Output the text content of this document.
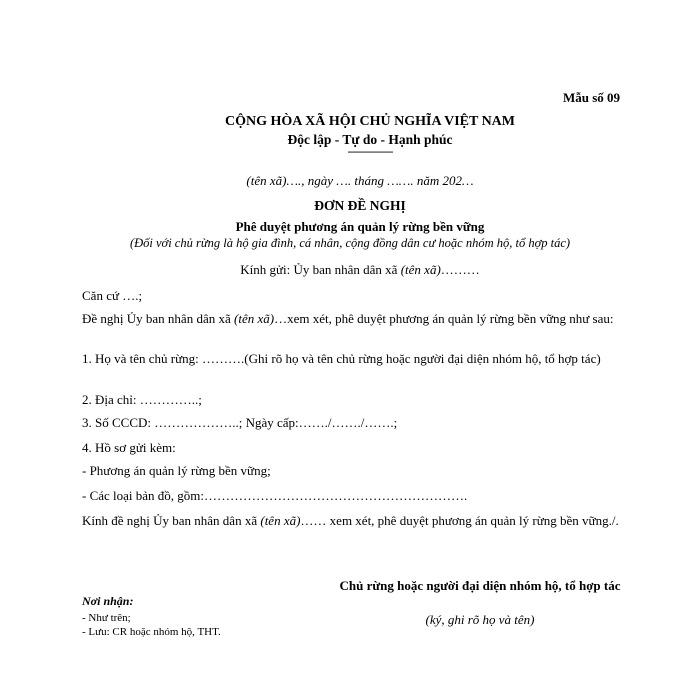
Mẫu số 09
CỘNG HÒA XÃ HỘI CHỦ NGHĨA VIỆT NAM
Độc lập - Tự do - Hạnh phúc
---------------
(tên xã)…., ngày …. tháng ……. năm 202…
ĐƠN ĐỀ NGHỊ
Phê duyệt phương án quản lý rừng bền vững
(Đối với chủ rừng là hộ gia đình, cá nhân, cộng đồng dân cư hoặc nhóm hộ, tổ hợp tác)
Kính gửi: Ủy ban nhân dân xã (tên xã)………
Căn cứ ….;
Đề nghị Ủy ban nhân dân xã (tên xã)…xem xét, phê duyệt phương án quản lý rừng bền vững như sau:
1. Họ và tên chủ rừng: ……….(Ghi rõ họ và tên chủ rừng hoặc người đại diện nhóm hộ, tổ hợp tác)
2. Địa chỉ: …………..;
3. Số CCCD: ………………..; Ngày cấp:……./……./…….;
4. Hồ sơ gửi kèm:
- Phương án quản lý rừng bền vững;
- Các loại bản đồ, gồm:…………………………………………………….
Kính đề nghị Ủy ban nhân dân xã (tên xã)…… xem xét, phê duyệt phương án quản lý rừng bền vững./.
Nơi nhận:
- Như trên;
- Lưu: CR hoặc nhóm hộ, THT.
Chủ rừng hoặc người đại diện nhóm hộ, tổ hợp tác
(ký, ghi rõ họ và tên)
